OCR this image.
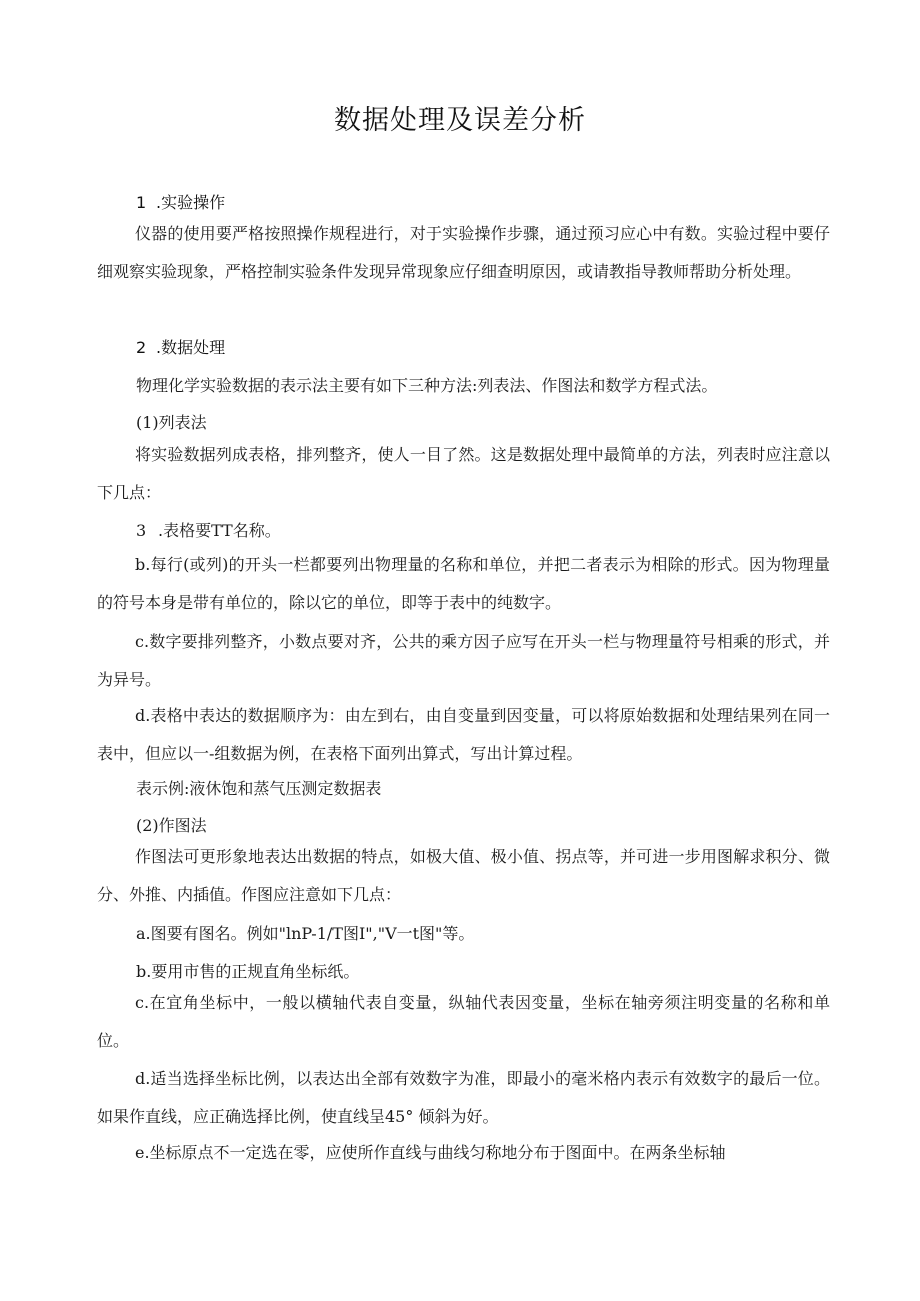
数据处理及误差分析
1 .实验操作
仪器的使用要严格按照操作规程进行，对于实验操作步骤，通过预习应心中有数。实验过程中要仔细观察实验现象，严格控制实验条件发现异常现象应仔细查明原因，或请教指导教师帮助分析处理。
2 .数据处理
物理化学实验数据的表示法主要有如下三种方法:列表法、作图法和数学方程式法。
(1)列表法
将实验数据列成表格，排列整齐，使人一目了然。这是数据处理中最简单的方法，列表时应注意以下几点：
3 .表格要TT名称。
b.每行(或列)的开头一栏都要列出物理量的名称和单位，并把二者表示为相除的形式。因为物理量的符号本身是带有单位的，除以它的单位，即等于表中的纯数字。
c.数字要排列整齐，小数点要对齐，公共的乘方因子应写在开头一栏与物理量符号相乘的形式，并为异号。
d.表格中表达的数据顺序为：由左到右，由自变量到因变量，可以将原始数据和处理结果列在同一表中，但应以一-组数据为例，在表格下面列出算式，写出计算过程。
表示例:液休饱和蒸气压测定数据表
(2)作图法
作图法可更形象地表达出数据的特点，如极大值、极小值、拐点等，并可进一步用图解求积分、微分、外推、内插值。作图应注意如下几点：
a.图要有图名。例如"lnP-1/T图I","V一t图"等。
b.要用市售的正规直角坐标纸。
c.在宜角坐标中，一般以横轴代表自变量，纵轴代表因变量，坐标在轴旁须注明变量的名称和单位。
d.适当选择坐标比例，以表达出全部有效数字为准，即最小的毫米格内表示有效数字的最后一位。如果作直线，应正确选择比例，使直线呈45° 倾斜为好。
e.坐标原点不一定选在零，应使所作直线与曲线匀称地分布于图面中。在两条坐标轴
